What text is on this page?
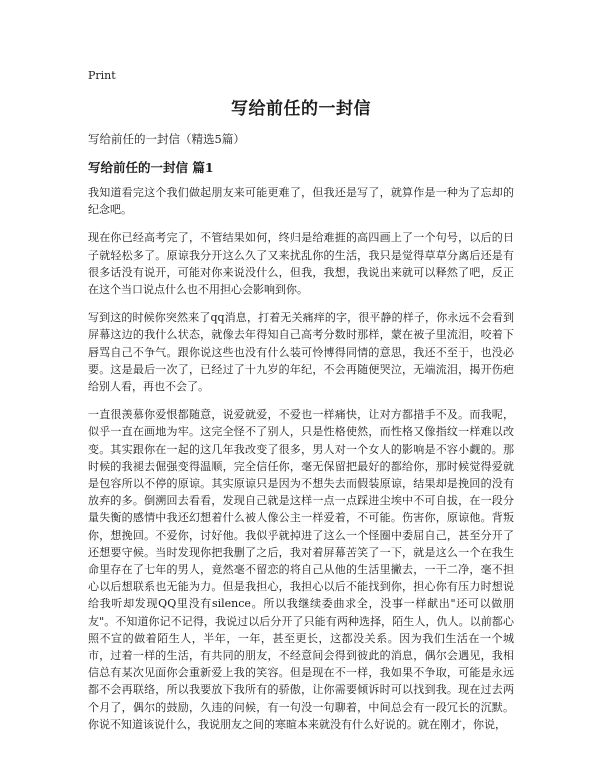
Print
写给前任的一封信

写给前任的一封信（精选5篇）

写给前任的一封信 篇1

我知道看完这个我们做起朋友来可能更难了，但我还是写了，就算作是一种为了忘却的纪念吧。

现在你已经高考完了，不管结果如何，终归是给难捱的高四画上了一个句号，以后的日子就轻松多了。原谅我分开这么久了又来扰乱你的生活，我只是觉得草草分离后还是有很多话没有说开，可能对你来说没什么，但我，我想，我说出来就可以释然了吧，反正在这个当口说点什么也不用担心会影响到你。

写到这的时候你突然来了qq消息，打着无关痛痒的字，很平静的样子，你永远不会看到屏幕这边的我什么状态，就像去年得知自己高考分数时那样，蒙在被子里流泪，咬着下唇骂自己不争气。跟你说这些也没有什么装可怜博得同情的意思，我还不至于，也没必要。这是最后一次了，已经过了十九岁的年纪，不会再随便哭泣，无端流泪，揭开伤疤给别人看，再也不会了。

一直很羡慕你爱恨都随意，说爱就爱，不爱也一样痛快，让对方都措手不及。而我呢，似乎一直在画地为牢。这完全怪不了别人，只是性格使然，而性格又像指纹一样难以改变。其实跟你在一起的这几年我改变了很多，男人对一个女人的影响是不容小觑的。那时候的我褪去倔强变得温顺，完全信任你，毫无保留把最好的都给你，那时候觉得爱就是包容所以不停的原谅。其实原谅只是因为不想失去而假装原谅，结果却是挽回的没有放弃的多。倒溯回去看看，发现自己就是这样一点一点踩进尘埃中不可自拔，在一段分量失衡的感情中我还幻想着什么被人像公主一样爱着，不可能。伤害你，原谅他。背叛你，想挽回。不爱你，讨好他。我似乎就掉进了这么一个怪圈中委屈自己，甚至分开了还想要守候。当时发现你把我删了之后，我对着屏幕苦笑了一下，就是这么一个在我生命里存在了七年的男人，竟然毫不留恋的将自己从他的生活里撇去，一干二净，毫不担心以后想联系也无能为力。但是我担心，我担心以后不能找到你，担心你有压力时想说给我听却发现QQ里没有silence。所以我继续委曲求全，没事一样献出"还可以做朋友"。不知道你记不记得，我说过以后分开了只能有两种选择，陌生人，仇人。以前都心照不宣的做着陌生人，半年，一年，甚至更长，这都没关系。因为我们生活在一个城市，过着一样的生活，有共同的朋友，不经意间会得到彼此的消息，偶尔会遇见，我相信总有某次见面你会重新爱上我的笑容。但是现在不一样，我如果不争取，可能是永远都不会再联络，所以我要放下我所有的骄傲，让你需要倾诉时可以找到我。现在过去两个月了，偶尔的鼓励，久违的问候，有一句没一句聊着，中间总会有一段冗长的沉默。你说不知道该说什么，我说朋友之间的寒暄本来就没有什么好说的。就在刚才，你说，
